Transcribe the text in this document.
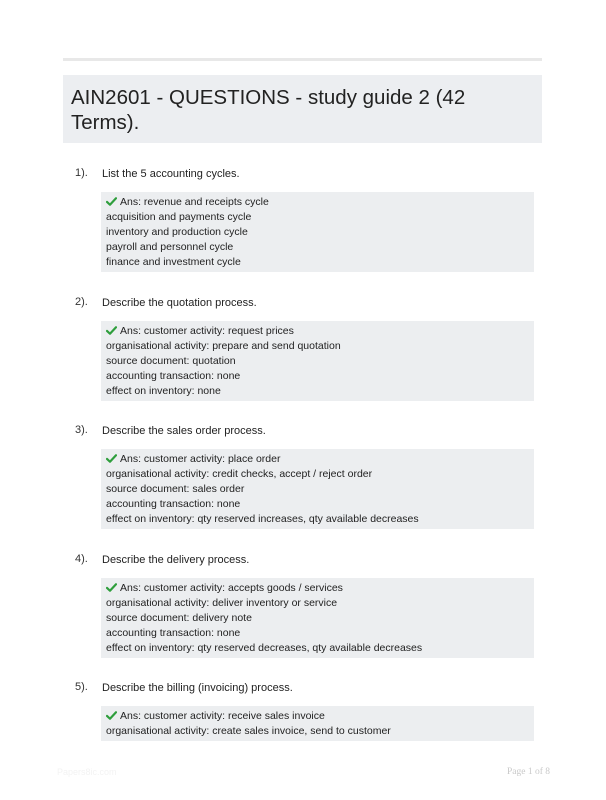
AIN2601 - QUESTIONS - study guide 2 (42 Terms).
1). List the 5 accounting cycles.
Ans: revenue and receipts cycle
acquisition and payments cycle
inventory and production cycle
payroll and personnel cycle
finance and investment cycle
2). Describe the quotation process.
Ans: customer activity: request prices
organisational activity: prepare and send quotation
source document: quotation
accounting transaction: none
effect on inventory: none
3). Describe the sales order process.
Ans: customer activity: place order
organisational activity: credit checks, accept / reject order
source document: sales order
accounting transaction: none
effect on inventory: qty reserved increases, qty available decreases
4). Describe the delivery process.
Ans: customer activity: accepts goods / services
organisational activity: deliver inventory or service
source document: delivery note
accounting transaction: none
effect on inventory: qty reserved decreases, qty available decreases
5). Describe the billing (invoicing) process.
Ans: customer activity: receive sales invoice
organisational activity: create sales invoice, send to customer
Papers8ic.com	Page 1 of 8
